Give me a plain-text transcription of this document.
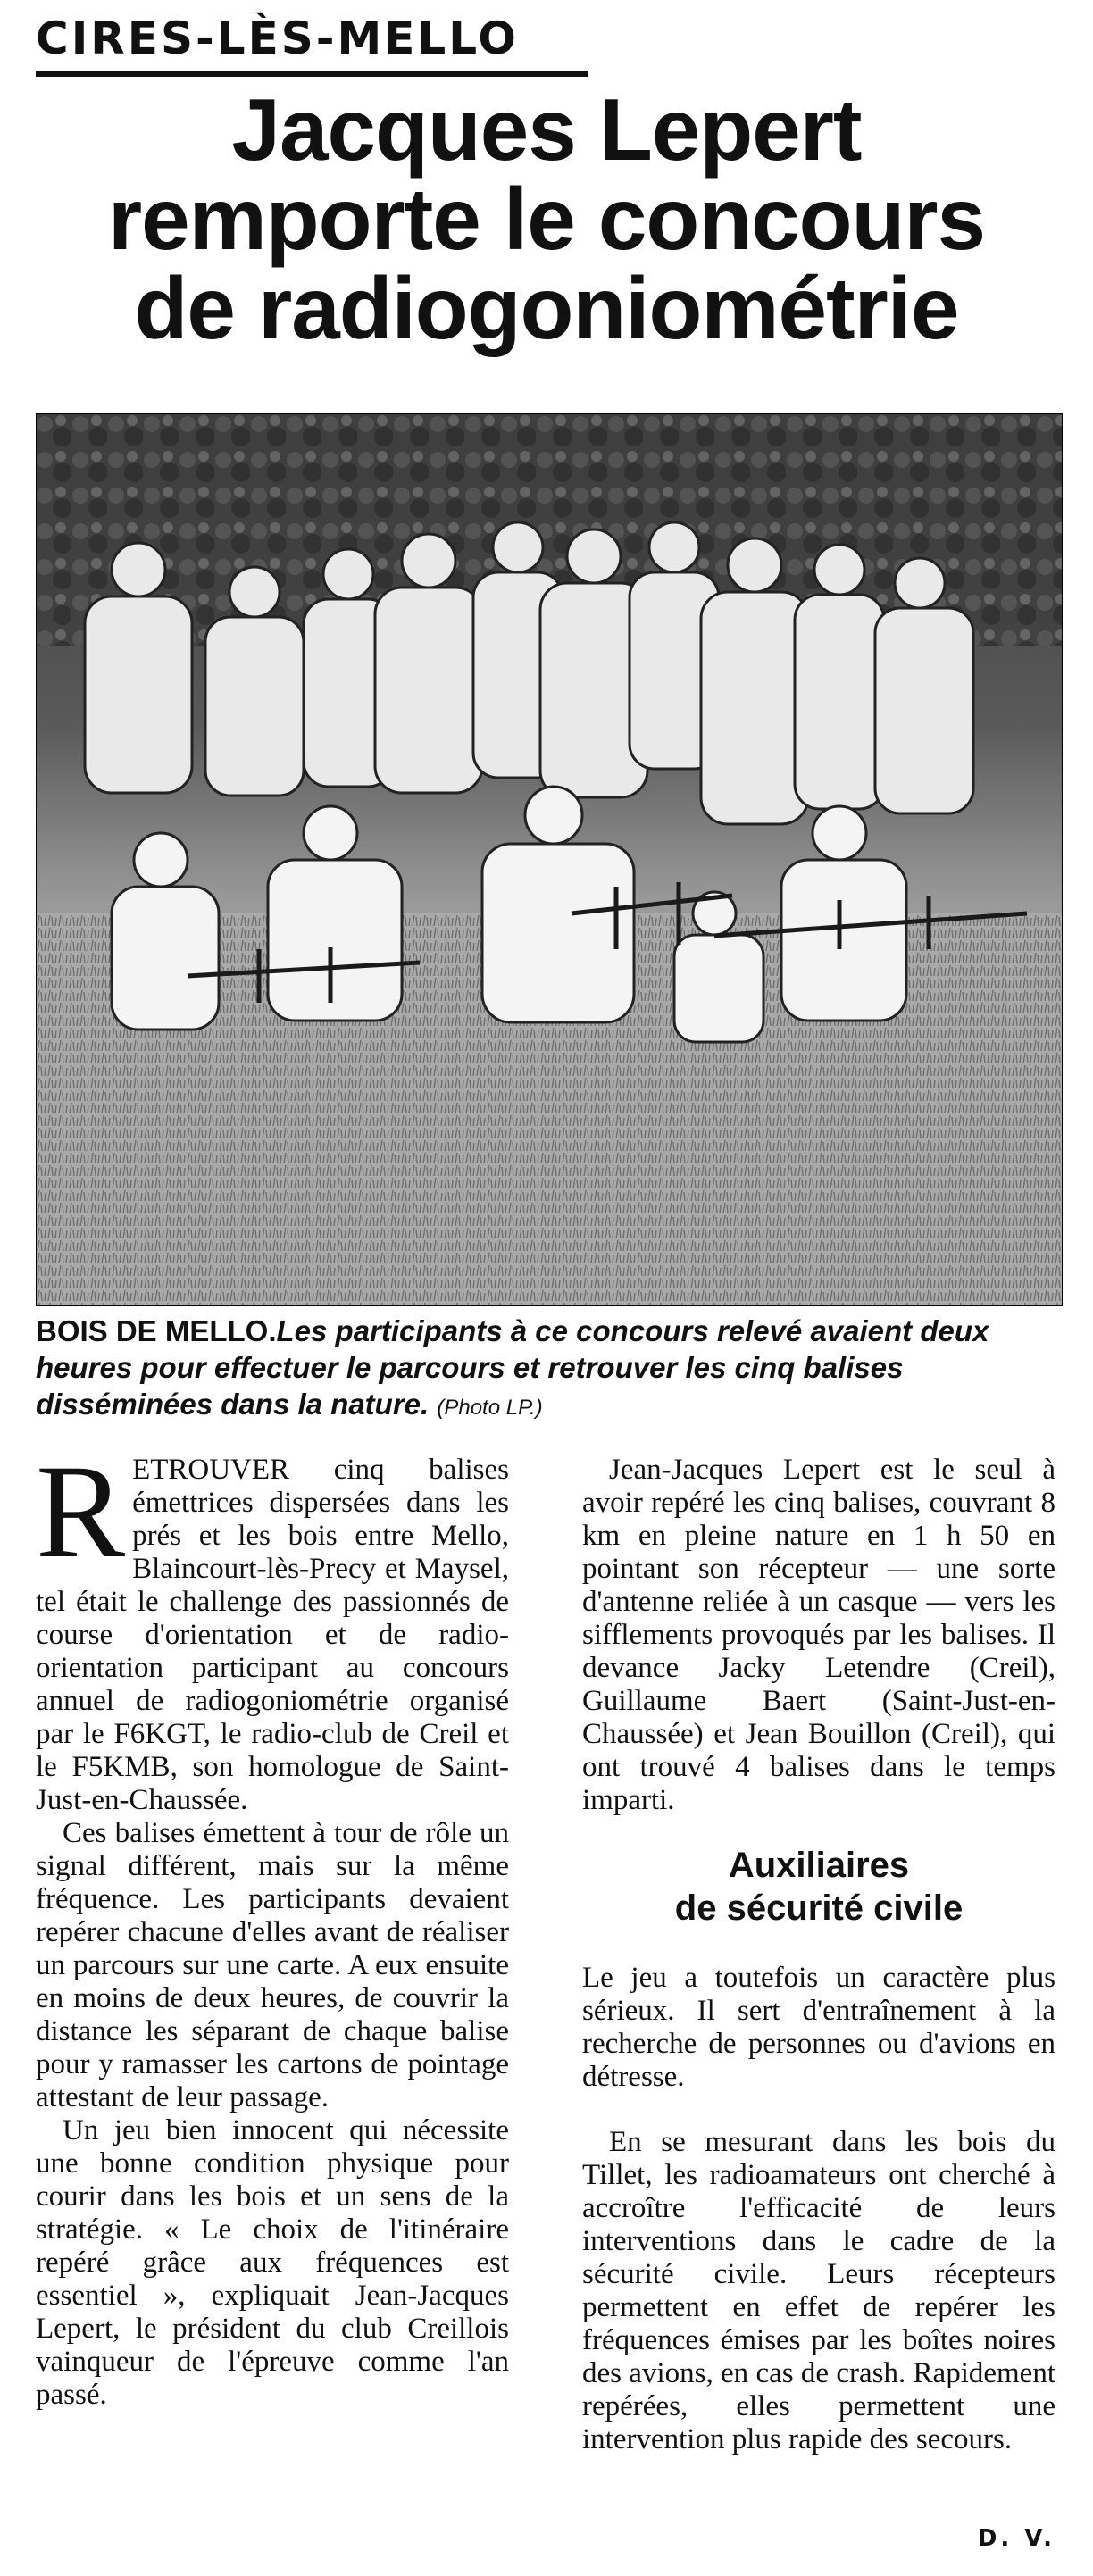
CIRES-LÈS-MELLO
Jacques Lepert
remporte le concours
de radiogoniométrie

BOIS DE MELLO.Les participants à ce concours relevé avaient deux heures pour effectuer le parcours et retrouver les cinq balises disséminées dans la nature. (Photo LP.)

RETROUVER cinq balises émettrices dispersées dans les prés et les bois entre Mello, Blaincourt-lès-Precy et Maysel, tel était le challenge des passionnés de course d'orientation et de radio-orientation participant au concours annuel de radiogoniométrie organisé par le F6KGT, le radio-club de Creil et le F5KMB, son homologue de Saint-Just-en-Chaussée.

Ces balises émettent à tour de rôle un signal différent, mais sur la même fréquence. Les participants devaient repérer chacune d'elles avant de réaliser un parcours sur une carte. A eux ensuite en moins de deux heures, de couvrir la distance les séparant de chaque balise pour y ramasser les cartons de pointage attestant de leur passage.

Un jeu bien innocent qui nécessite une bonne condition physique pour courir dans les bois et un sens de la stratégie. « Le choix de l'itinéraire repéré grâce aux fréquences est essentiel », expliquait Jean-Jacques Lepert, le président du club Creillois vainqueur de l'épreuve comme l'an passé.

Jean-Jacques Lepert est le seul à avoir repéré les cinq balises, couvrant 8 km en pleine nature en 1 h 50 en pointant son récepteur — une sorte d'antenne reliée à un casque — vers les sifflements provoqués par les balises. Il devance Jacky Letendre (Creil), Guillaume Baert (Saint-Just-en-Chaussée) et Jean Bouillon (Creil), qui ont trouvé 4 balises dans le temps imparti.

Auxiliaires
de sécurité civile

Le jeu a toutefois un caractère plus sérieux. Il sert d'entraînement à la recherche de personnes ou d'avions en détresse.

En se mesurant dans les bois du Tillet, les radioamateurs ont cherché à accroître l'efficacité de leurs interventions dans le cadre de la sécurité civile. Leurs récepteurs permettent en effet de repérer les fréquences émises par les boîtes noires des avions, en cas de crash. Rapidement repérées, elles permettent une intervention plus rapide des secours.

D. V.
